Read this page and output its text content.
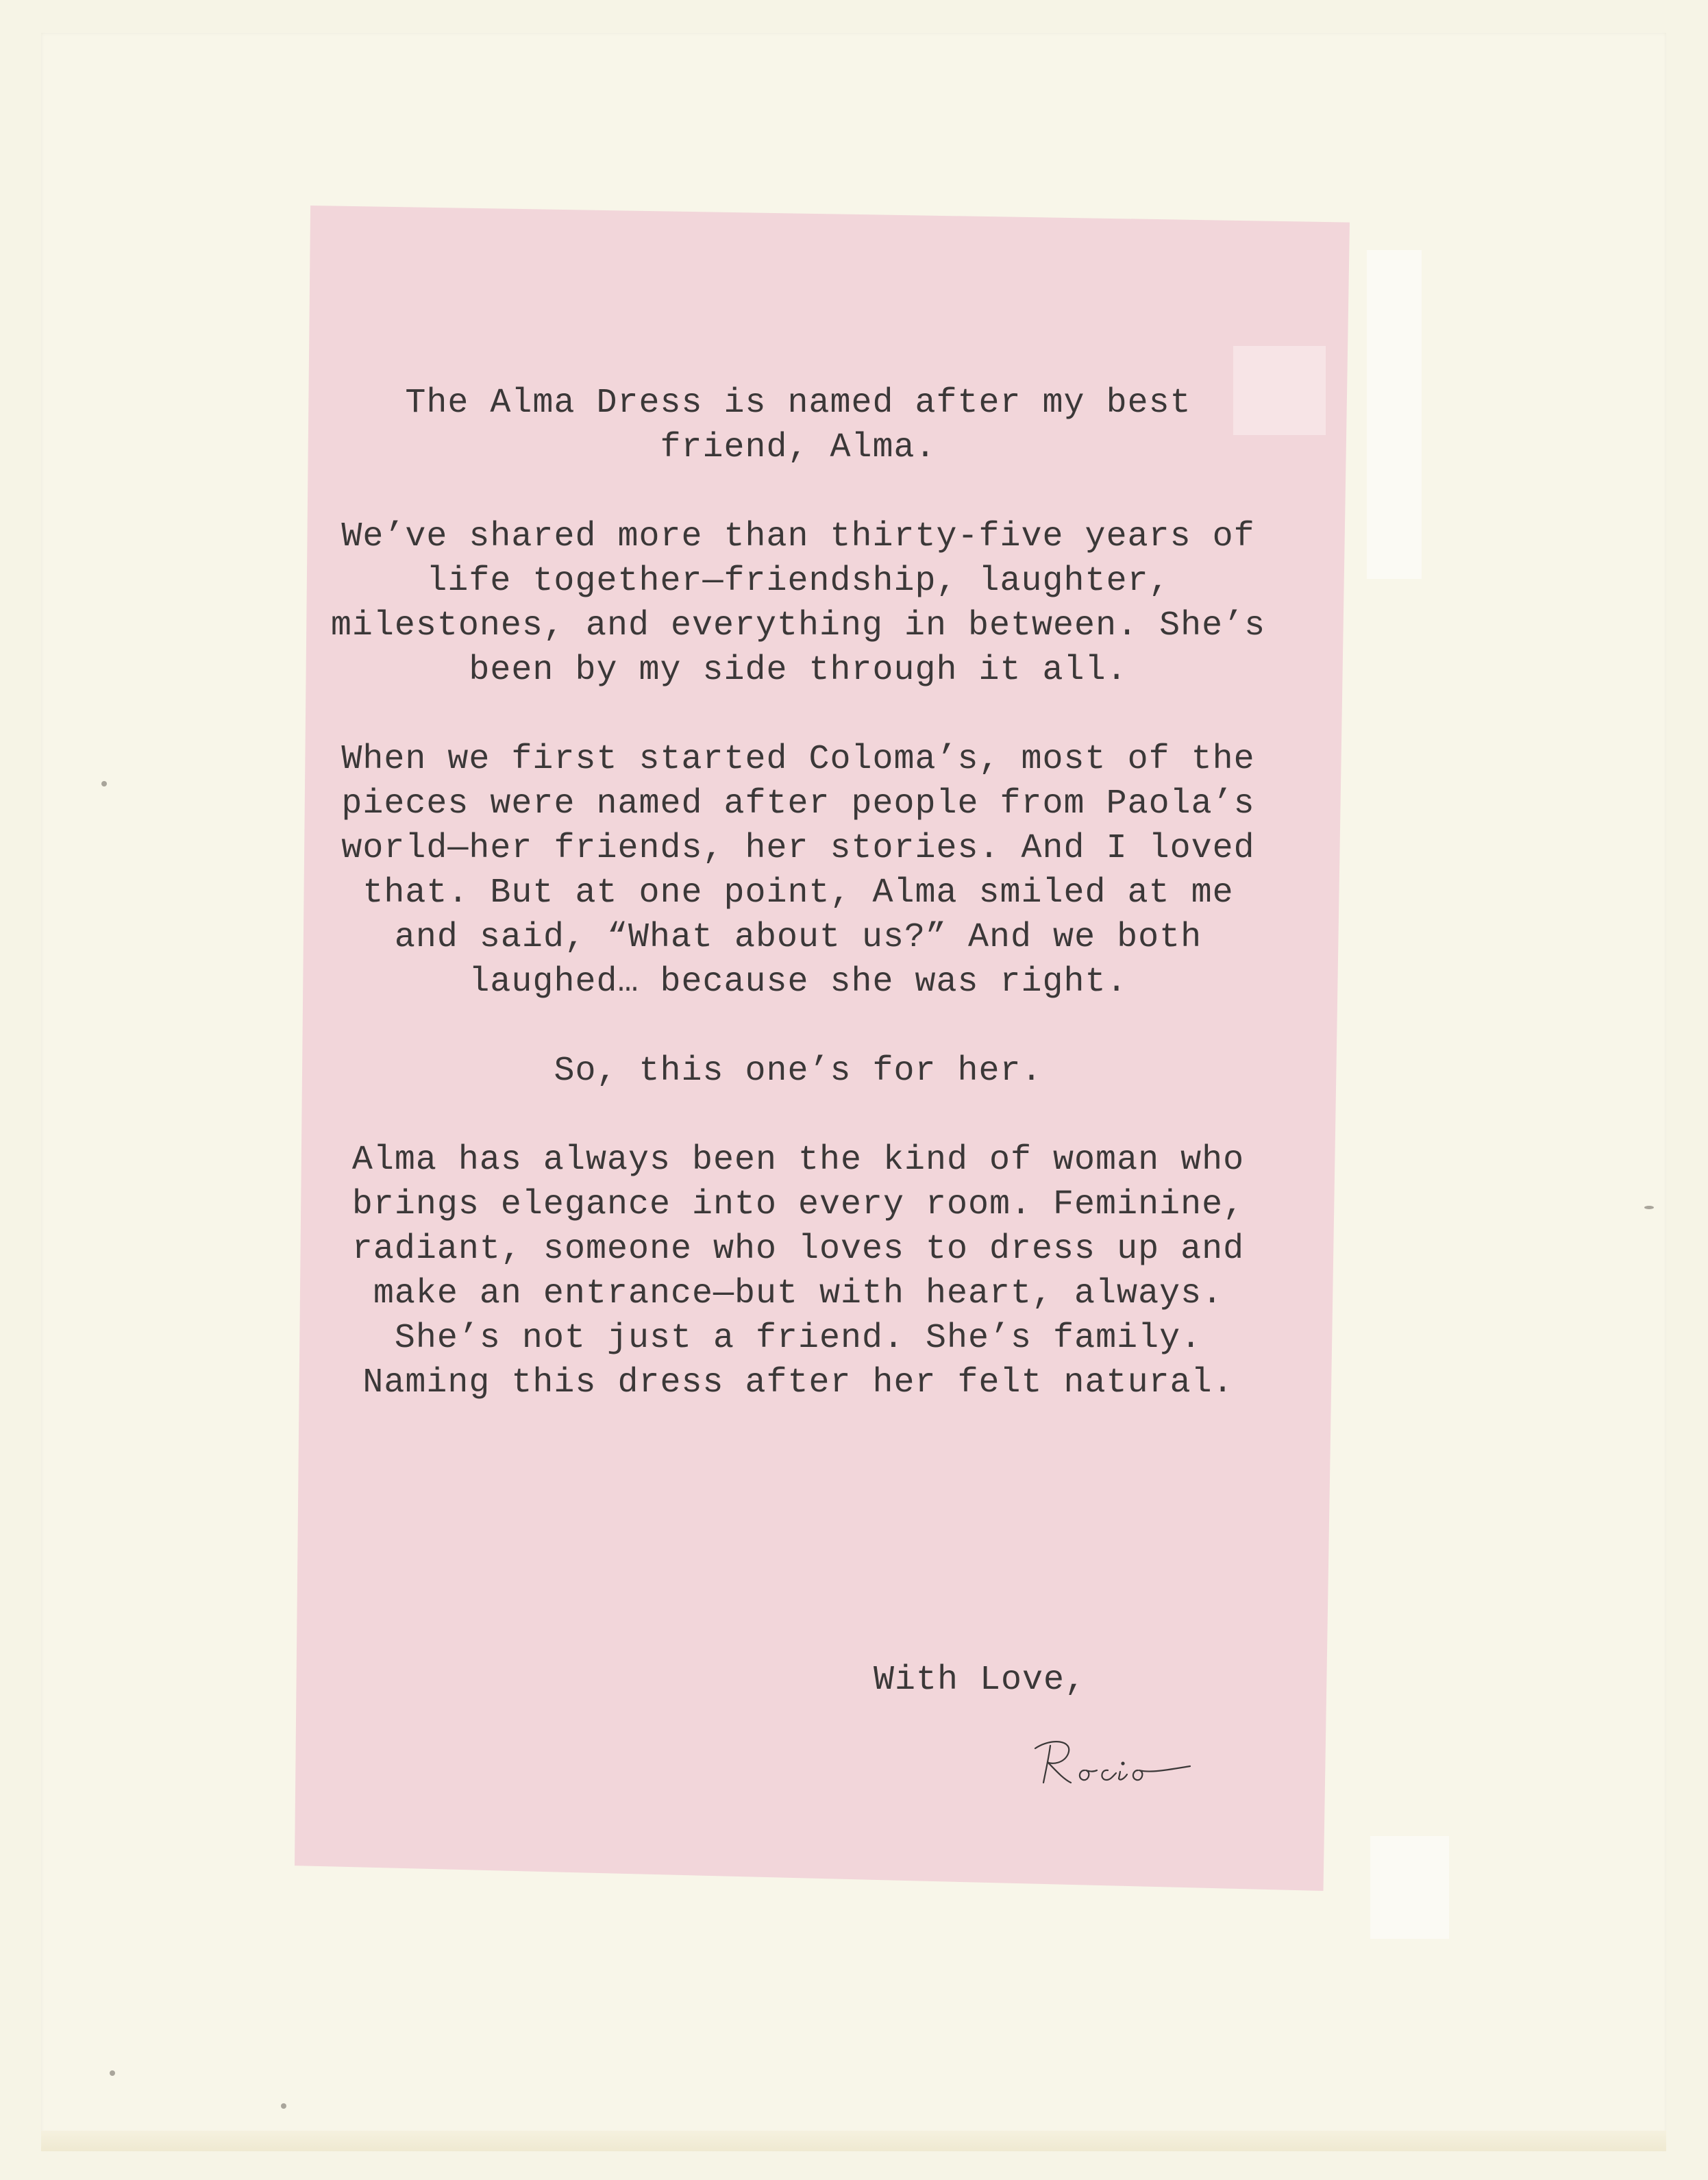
The Alma Dress is named after my best friend, Alma.

We’ve shared more than thirty-five years of life together—friendship, laughter, milestones, and everything in between. She’s been by my side through it all.

When we first started Coloma’s, most of the pieces were named after people from Paola’s world—her friends, her stories. And I loved that. But at one point, Alma smiled at me and said, “What about us?” And we both laughed… because she was right.

So, this one’s for her.

Alma has always been the kind of woman who brings elegance into every room. Feminine, radiant, someone who loves to dress up and make an entrance—but with heart, always. She’s not just a friend. She’s family. Naming this dress after her felt natural.

With Love,
